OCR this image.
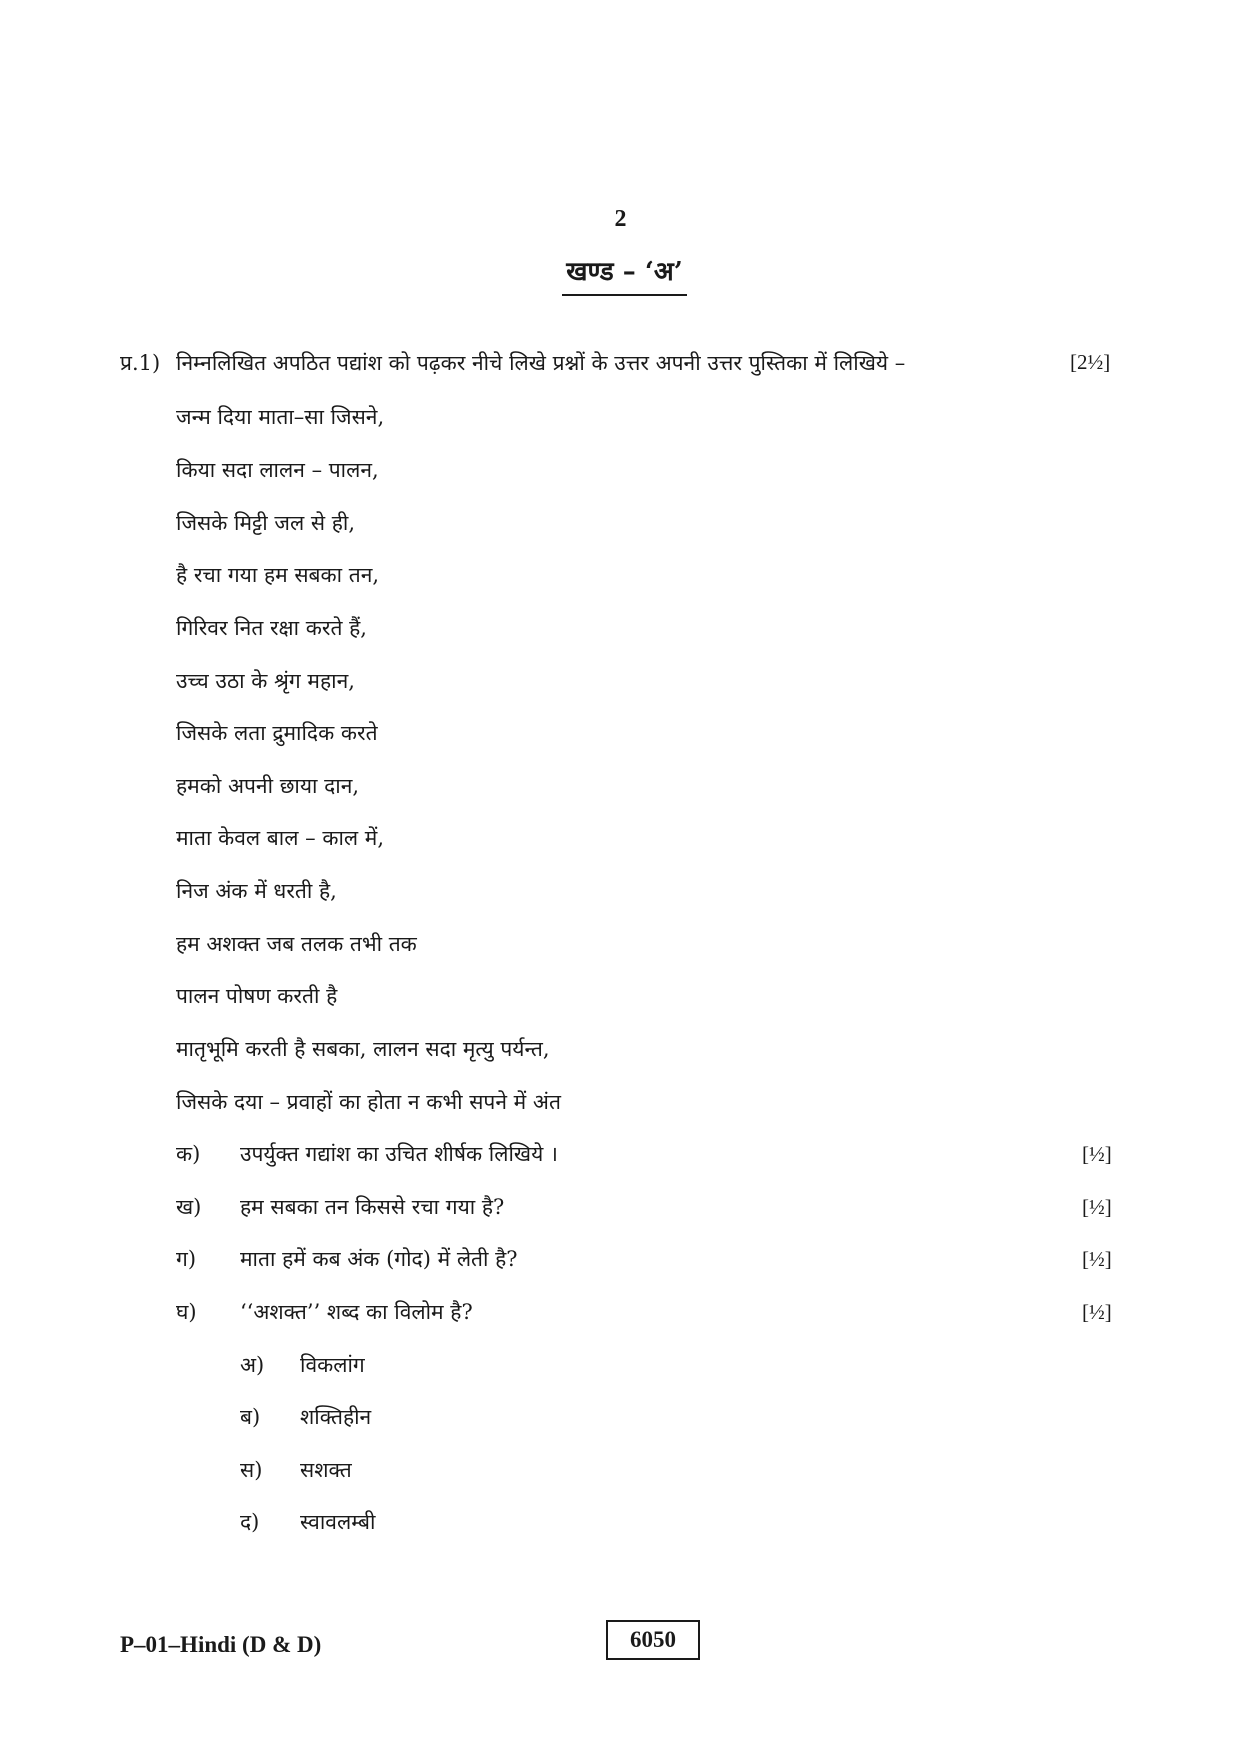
2
खण्ड – ‘अ’
प्र.1) निम्नलिखित अपठित पद्यांश को पढ़कर नीचे लिखे प्रश्नों के उत्तर अपनी उत्तर पुस्तिका में लिखिये –	[2½]
जन्म दिया माता–सा जिसने,
किया सदा लालन – पालन,
जिसके मिट्टी जल से ही,
है रचा गया हम सबका तन,
गिरिवर नित रक्षा करते हैं,
उच्च उठा के श्रृंग महान,
जिसके लता द्रुमादिक करते
हमको अपनी छाया दान,
माता केवल बाल – काल में,
निज अंक में धरती है,
हम अशक्त जब तलक तभी तक
पालन पोषण करती है
मातृभूमि करती है सबका, लालन सदा मृत्यु पर्यन्त,
जिसके दया – प्रवाहों का होता न कभी सपने में अंत
क) उपर्युक्त गद्यांश का उचित शीर्षक लिखिये ।	[½]
ख) हम सबका तन किससे रचा गया है?	[½]
ग) माता हमें कब अंक (गोद) में लेती है?	[½]
घ) ‘‘अशक्त’’ शब्द का विलोम है?	[½]
अ) विकलांग
ब) शक्तिहीन
स) सशक्त
द) स्वावलम्बी
P–01–Hindi (D & D)	6050
